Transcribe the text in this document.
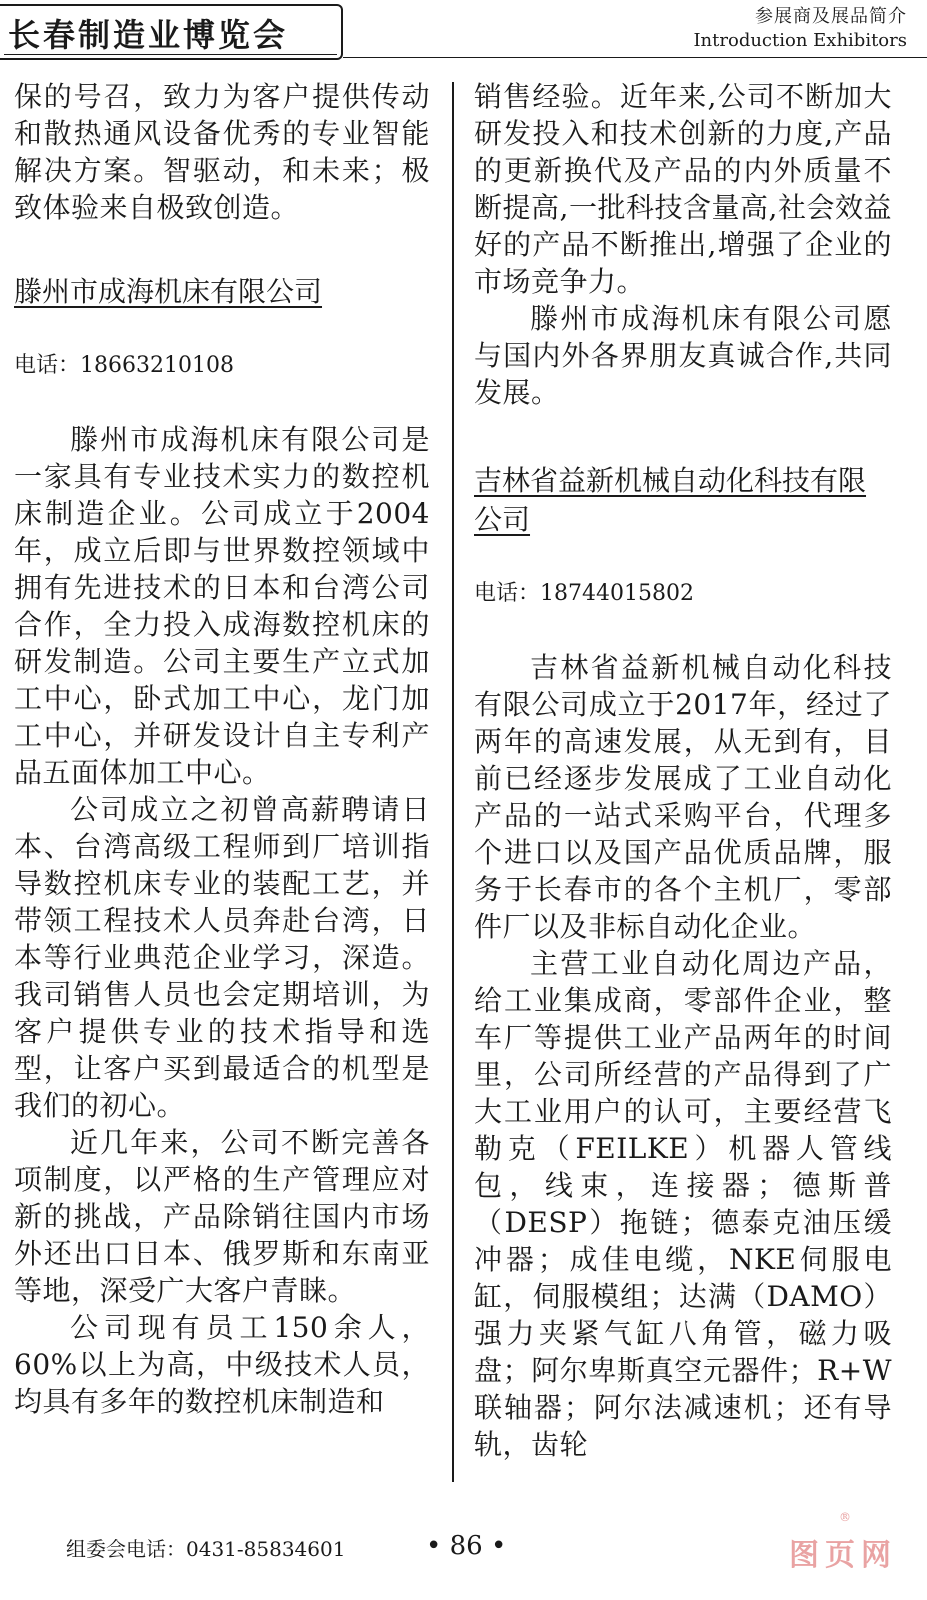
长春制造业博览会	参展商及展品简介
Introduction Exhibitors

保的号召，致力为客户提供传动和散热通风设备优秀的专业智能解决方案。智驱动，和未来；极致体验来自极致创造。

滕州市成海机床有限公司

电话：18663210108

滕州市成海机床有限公司是一家具有专业技术实力的数控机床制造企业。公司成立于2004年，成立后即与世界数控领域中拥有先进技术的日本和台湾公司合作，全力投入成海数控机床的研发制造。公司主要生产立式加工中心，卧式加工中心，龙门加工中心，并研发设计自主专利产品五面体加工中心。

公司成立之初曾高薪聘请日本、台湾高级工程师到厂培训指导数控机床专业的装配工艺，并带领工程技术人员奔赴台湾，日本等行业典范企业学习，深造。我司销售人员也会定期培训，为客户提供专业的技术指导和选型，让客户买到最适合的机型是我们的初心。

近几年来，公司不断完善各项制度，以严格的生产管理应对新的挑战，产品除销往国内市场外还出口日本、俄罗斯和东南亚等地，深受广大客户青睐。

公司现有员工150余人，60%以上为高，中级技术人员，均具有多年的数控机床制造和

销售经验。近年来,公司不断加大研发投入和技术创新的力度,产品的更新换代及产品的内外质量不断提高,一批科技含量高,社会效益好的产品不断推出,增强了企业的市场竞争力。

滕州市成海机床有限公司愿与国内外各界朋友真诚合作,共同发展。

吉林省益新机械自动化科技有限公司

电话：18744015802

吉林省益新机械自动化科技有限公司成立于2017年，经过了两年的高速发展，从无到有，目前已经逐步发展成了工业自动化产品的一站式采购平台，代理多个进口以及国产品优质品牌，服务于长春市的各个主机厂，零部件厂以及非标自动化企业。

主营工业自动化周边产品，给工业集成商，零部件企业，整车厂等提供工业产品两年的时间里，公司所经营的产品得到了广大工业用户的认可，主要经营飞勒克（FEILKE）机器人管线包，线束，连接器；德斯普（DESP）拖链；德泰克油压缓冲器；成佳电缆，NKE伺服电缸，伺服模组；达满（DAMO）强力夹紧气缸八角管，磁力吸盘；阿尔卑斯真空元器件；R+W联轴器；阿尔法减速机；还有导轨，齿轮

组委会电话：0431-85834601	• 86 •
®
图页网
